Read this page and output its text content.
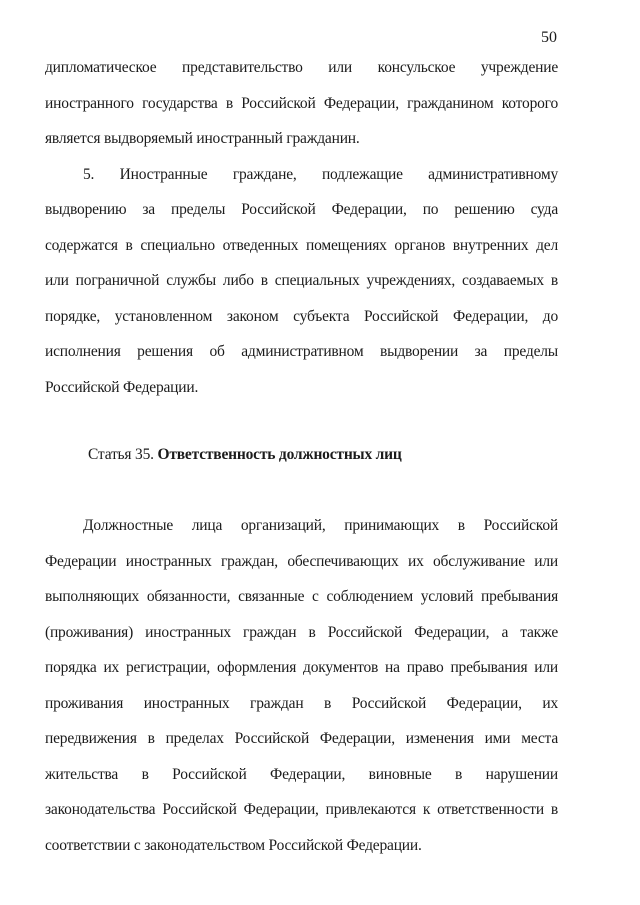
50
дипломатическое представительство или консульское учреждение
иностранного государства в Российской Федерации, гражданином которого
является выдворяемый иностранный гражданин.
5. Иностранные граждане, подлежащие административному
выдворению за пределы Российской Федерации, по решению суда
содержатся в специально отведенных помещениях органов внутренних дел
или пограничной службы либо в специальных учреждениях, создаваемых в
порядке, установленном законом субъекта Российской Федерации, до
исполнения решения об административном выдворении за пределы
Российской Федерации.
Статья 35. Ответственность должностных лиц
Должностные лица организаций, принимающих в Российской
Федерации иностранных граждан, обеспечивающих их обслуживание или
выполняющих обязанности, связанные с соблюдением условий пребывания
(проживания) иностранных граждан в Российской Федерации, а также
порядка их регистрации, оформления документов на право пребывания или
проживания иностранных граждан в Российской Федерации, их
передвижения в пределах Российской Федерации, изменения ими места
жительства в Российской Федерации, виновные в нарушении
законодательства Российской Федерации, привлекаются к ответственности в
соответствии с законодательством Российской Федерации.
